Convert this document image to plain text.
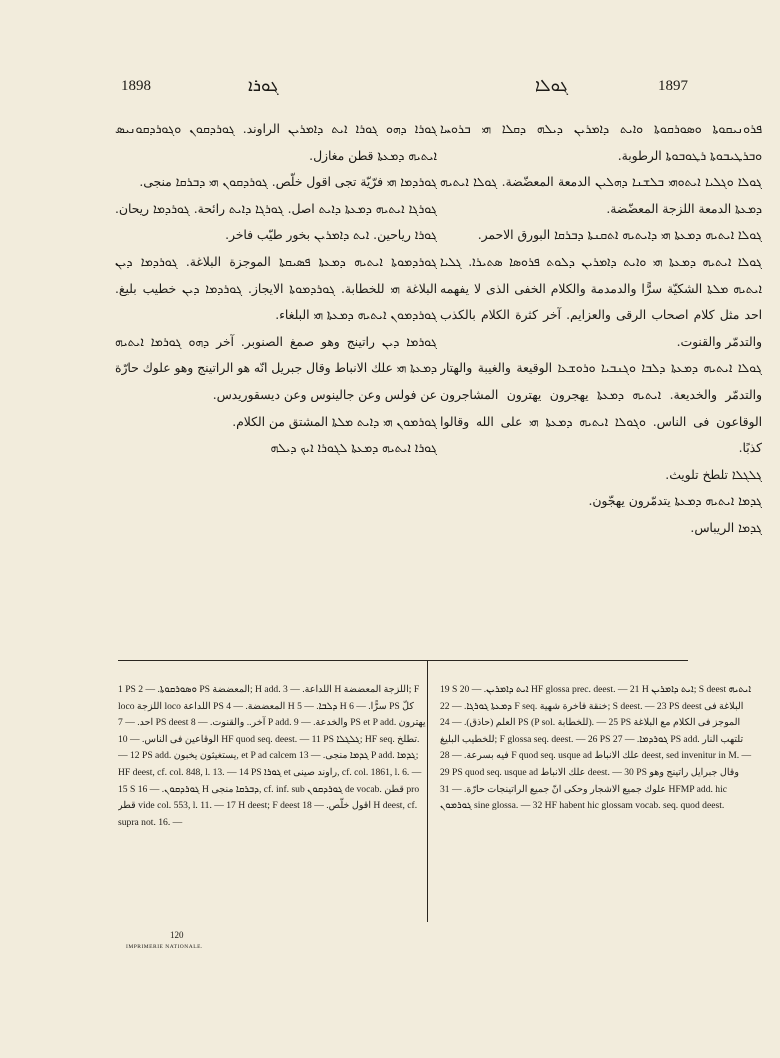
1898	ܓܘܪܐ	ܓܘܠܐ	1897

ܓܘܪܐ ܕܗܘ ܓܘܪܐ ܐܝܬ ܕܐܡܪܝܢ الراوند. ܓܘܪܕܩܘܢ ܘܓܘܪܕܩܘܢܝܣ ܐܝܬܝܗ ܕܡܥܬܐ قطن مغازل.

ܓܘܪܕܡܐ ܗܝ فرّيّة تجى اقول خلّص. ܓܘܪܕܩܘܢ ܗܝ ܕܒܪܩܐ منجى.

ܓܘܪܓܐ ܐܝܬܝܗ ܕܡܥܬܐ ܕܐܝܬ اصل. ܓܘܪܓܐ ܕܐܝܬ رائحة. ܓܘܪܕܡܐ ريحان. ܓܘܪܐ رياحين. ܐܝܬ ܕܐܡܪܝܢ بخور طيّب فاخر.

ܓܘܪܕܡܘܬܐ ܐܝܬܝܗ ܕܡܥܬܐ ܦܣܝܩܬܐ الموجزة البلاغة. ܓܘܪܕܡܐ ܕܝܢ البلاغة ܗܝ للخطابة. ܓܘܪܕܡܘܬܐ الايجاز. ܓܘܪܕܡܐ ܕܝܢ خطيب بليغ. ܓܘܪܕܡܘܢ ܐܝܬܝܗ ܕܡܥܬܐ ܗܝ البلغاء.

ܓܘܪܡܐ ܕܝܢ راتينج وهو صمغ الصنوبر. آخر ܕܗܘ ܓܘܪܡܐ ܐܝܬܝܗ ܕܡܥܬܐ ܗܝ علك الانباط وقال جبريل انّه هو الراتينج وهو علوك حارّة عن فولس وعن جالينوس وعن ديسقوريدس.

ܓܘܪܡܘܢ ܗܝ ܕܐܝܬ ܡܠܬܐ المشتق من الكلام.

ܓܘܪܐ ܐܝܬܝܗ ܕܡܥܬܐ ܠܓܘܪܐ ܐܝܟ ܕܝܠܗ

ܦܪܘܢܝܩܘܬܐ ܘܣܘܪܩܘܬܐ ܘܐܝܬ ܕܐܡܪܝܢ ܕܝܠܗ ܕܩܠܐ ܗܝ ܒܪܘܚܐ ܘܒܪܛܝܒܘܬܐ ܪܛܘܒܘܬܐ الرطوبة.

ܓܘܠܐ ܘܓܠܝܐ ܐܝܬܘܗܝ ܒܠܫܢܐ ܕܗܠܝܢ الدمعة المعضّضة. ܓܘܠܐ ܐܝܬܝܗ ܕܡܥܬܐ الدمعة اللزجة المعضّضة.

ܓܘܠܐ ܐܝܬܝܗ ܕܡܥܬܐ ܗܝ ܕܐܝܬܝܗ ܐܬܩܢܬܐ ܕܒܪܩܐ البورق الاحمر.

ܓܘܠܐ ܐܝܬܝܗ ܕܡܥܬܐ ܗܝ ܘܐܝܬ ܕܐܡܪܝܢ ܕܠܘܬ ܦܪܘܣܐ ܣܬܝܪܐ. ܓܠܝܐ ܐܝܬܝܗ ܡܠܬܐ الشكيّة سرًّا والدمدمة والكلام الخفى الذى لا يفهمه احد مثل كلام اصحاب الرقى والعزايم. آخر كثرة الكلام بالكذب والتدمّر والقنوت.

ܓܘܠܐ ܐܝܬܝܗ ܕܡܥܬܐ ܕܠܒܐ ܘܓܢܒܝܐ ܘܪܘܫܥܐ الوقيعة والغيبة والهتار والتدمّر والخديعة. ܐܝܬܝܗ ܕܡܥܬܐ يهجرون يهترون المشاجرون الوقاعون فى الناس. ܘܓܘܠܐ ܐܝܬܝܗ ܕܡܥܬܐ ܗܝ على الله وقالوا كذبًا.

ܓܠܓܠܐ تلطخ تلويث.

ܓܕܡܐ ܐܝܬܝܗ ܕܡܥܬܐ يتدمّرون يهجّون.

ܓܕܡܐ الريباس.

1 PS ܘܣܘܪܩܘܬܐ. — 2 PS المعضضة; H add. اللداعة. — 3 H اللزجة المعضضة; F loco اللزجة loco اللداعة PS المعضضة. — 4 H ܕܠܒܐ. — 5 H سرًّا. — 6 PS كلّ احد. — 7 PS deest آخر.. والقنوت. — 8 P add. والخدعة. — 9 PS et P add. يهترون الوقاعين فى الناس. — 10 HF quod seq. deest. — 11 PS ܓܠܓܠܐ; HF seq. تطلخ.

— 12 PS add. يستغيثون يخبون, et P ad calcem ܓܕܡܐ منجى. — 13 P add. ܓܕܡܐ; HF deest, cf. col. 848, l. 13. — 14 PS ܓܘܪܐ et راوند صينى, cf. col. 1861, l. 6. — 15 S ܓܘܪܕܩܘܢ. — 16 H ܕܒܪܩܐ منجى, cf. inf. sub ܓܘܪܕܩܘܢ de vocab. قطن pro قطر vide col. 553, l. 11. — 17 H deest; F deest اقول خلّص. — 18 H deest, cf. supra not. 16. —

19 S ܐܝܬ ܕܐܡܪܝܢ. — 20 HF glossa prec. deest. — 21 H ܐܝܬ ܕܐܡܪܝܢ; S deest ܐܝܬܝܗ ܕܡܥܬܐ ܓܘܪܓܐ. — 22 F seq. خنقة فاخرة شهية; S deest. — 23 PS deest البلاغة فى العلم (حاذق). — 24 PS (P sol. للخطابة). — 25 PS الموجز فى الكلام مع البلاغة للخطيب البليغ; F glossa seq. deest. — 26 PS ܓܘܪܕܡܐ. — 27 PS add. تلتهب النار فيه بسرعة. — 28 F quod seq. usque ad علك الانباط deest, sed invenitur in M. — 29 PS quod seq. usque ad علك الانباط deest. — 30 PS وقال جبرايل راتينج وهو علوك جميع الاشجار وحكى انّ جميع الراتينجات حارّة. — 31 HFMP add. hic ܓܘܪܡܘܢ sine glossa. — 32 HF habent hic glossam vocab. seq. quod deest.

120
IMPRIMERIE NATIONALE.
